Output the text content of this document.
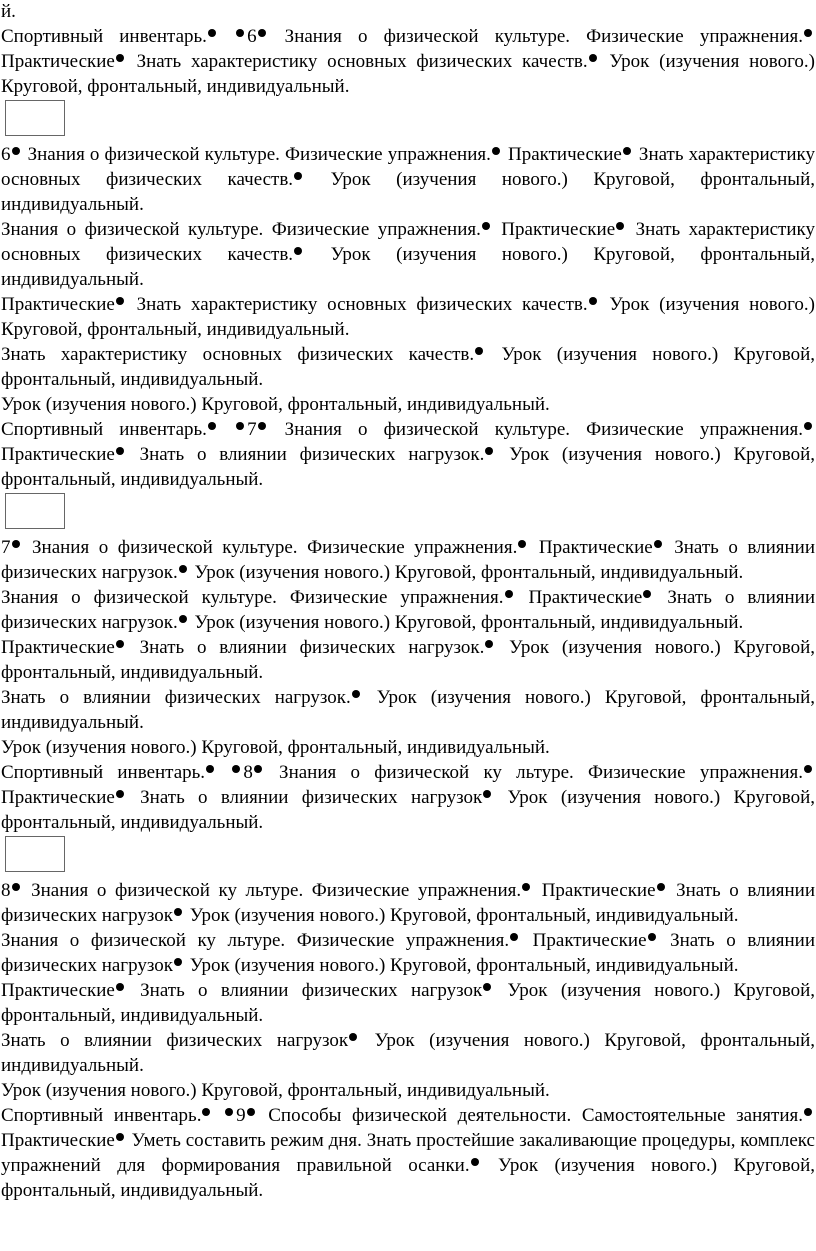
й.

Спортивный инвентарь. 6 Знания о физической культуре. Физические упражнения. Практические Знать характеристику основных физических качеств. Урок (изучения нового.) Круговой, фронтальный, индивидуальный.

6 Знания о физической культуре. Физические упражнения. Практические Знать характеристику основных физических качеств. Урок (изучения нового.) Круговой, фронтальный, индивидуальный.

Знания о физической культуре. Физические упражнения. Практические Знать характеристику основных физических качеств. Урок (изучения нового.) Круговой, фронтальный, индивидуальный.

Практические Знать характеристику основных физических качеств. Урок (изучения нового.) Круговой, фронтальный, индивидуальный.

Знать характеристику основных физических качеств. Урок (изучения нового.) Круговой, фронтальный, индивидуальный.

Урок (изучения нового.) Круговой, фронтальный, индивидуальный.

Спортивный инвентарь. 7 Знания о физической культуре. Физические упражнения. Практические Знать о влиянии физических нагрузок. Урок (изучения нового.) Круговой, фронтальный, индивидуальный.

7 Знания о физической культуре. Физические упражнения. Практические Знать о влиянии физических нагрузок. Урок (изучения нового.) Круговой, фронтальный, индивидуальный.

Знания о физической культуре. Физические упражнения. Практические Знать о влиянии физических нагрузок. Урок (изучения нового.) Круговой, фронтальный, индивидуальный.

Практические Знать о влиянии физических нагрузок. Урок (изучения нового.) Круговой, фронтальный, индивидуальный.

Знать о влиянии физических нагрузок. Урок (изучения нового.) Круговой, фронтальный, индивидуальный.

Урок (изучения нового.) Круговой, фронтальный, индивидуальный.

Спортивный инвентарь. 8 Знания о физической ку льтуре. Физические упражнения. Практические Знать о влиянии физических нагрузок Урок (изучения нового.) Круговой, фронтальный, индивидуальный.

8 Знания о физической ку льтуре. Физические упражнения. Практические Знать о влиянии физических нагрузок Урок (изучения нового.) Круговой, фронтальный, индивидуальный.

Знания о физической ку льтуре. Физические упражнения. Практические Знать о влиянии физических нагрузок Урок (изучения нового.) Круговой, фронтальный, индивидуальный.

Практические Знать о влиянии физических нагрузок Урок (изучения нового.) Круговой, фронтальный, индивидуальный.

Знать о влиянии физических нагрузок Урок (изучения нового.) Круговой, фронтальный, индивидуальный.

Урок (изучения нового.) Круговой, фронтальный, индивидуальный.

Спортивный инвентарь. 9 Способы физической деятельности. Самостоятельные занятия. Практические Уметь составить режим дня. Знать простейшие закаливающие процедуры, комплекс упражнений для формирования правильной осанки. Урок (изучения нового.) Круговой, фронтальный, индивидуальный.
